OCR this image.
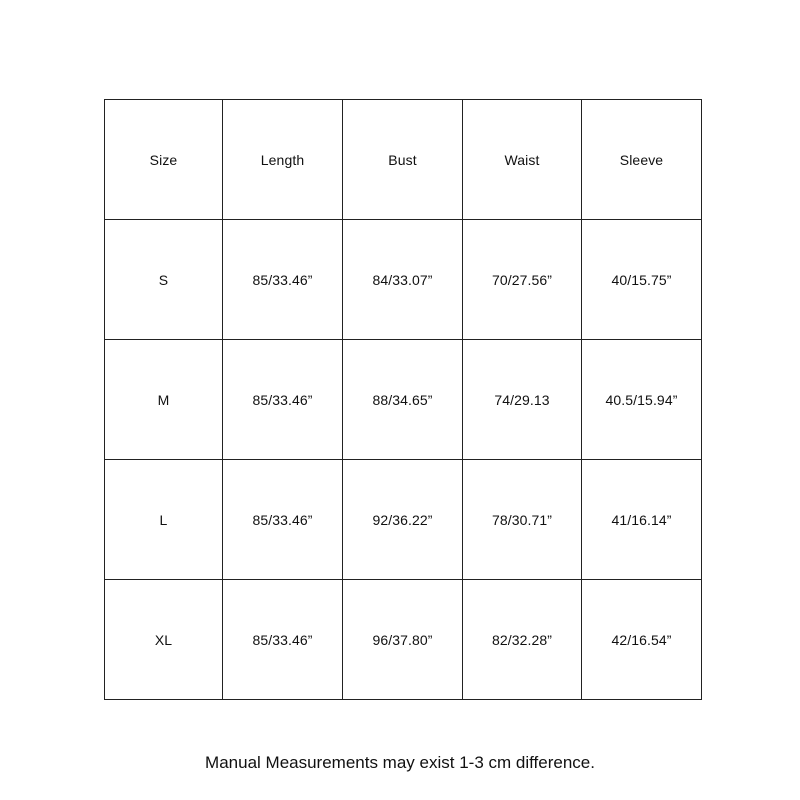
Size	Length	Bust	Waist	Sleeve
S	85/33.46”	84/33.07”	70/27.56”	40/15.75”
M	85/33.46”	88/34.65”	74/29.13	40.5/15.94”
L	85/33.46”	92/36.22”	78/30.71”	41/16.14”
XL	85/33.46”	96/37.80”	82/32.28”	42/16.54”
Manual Measurements may exist 1-3 cm difference.
